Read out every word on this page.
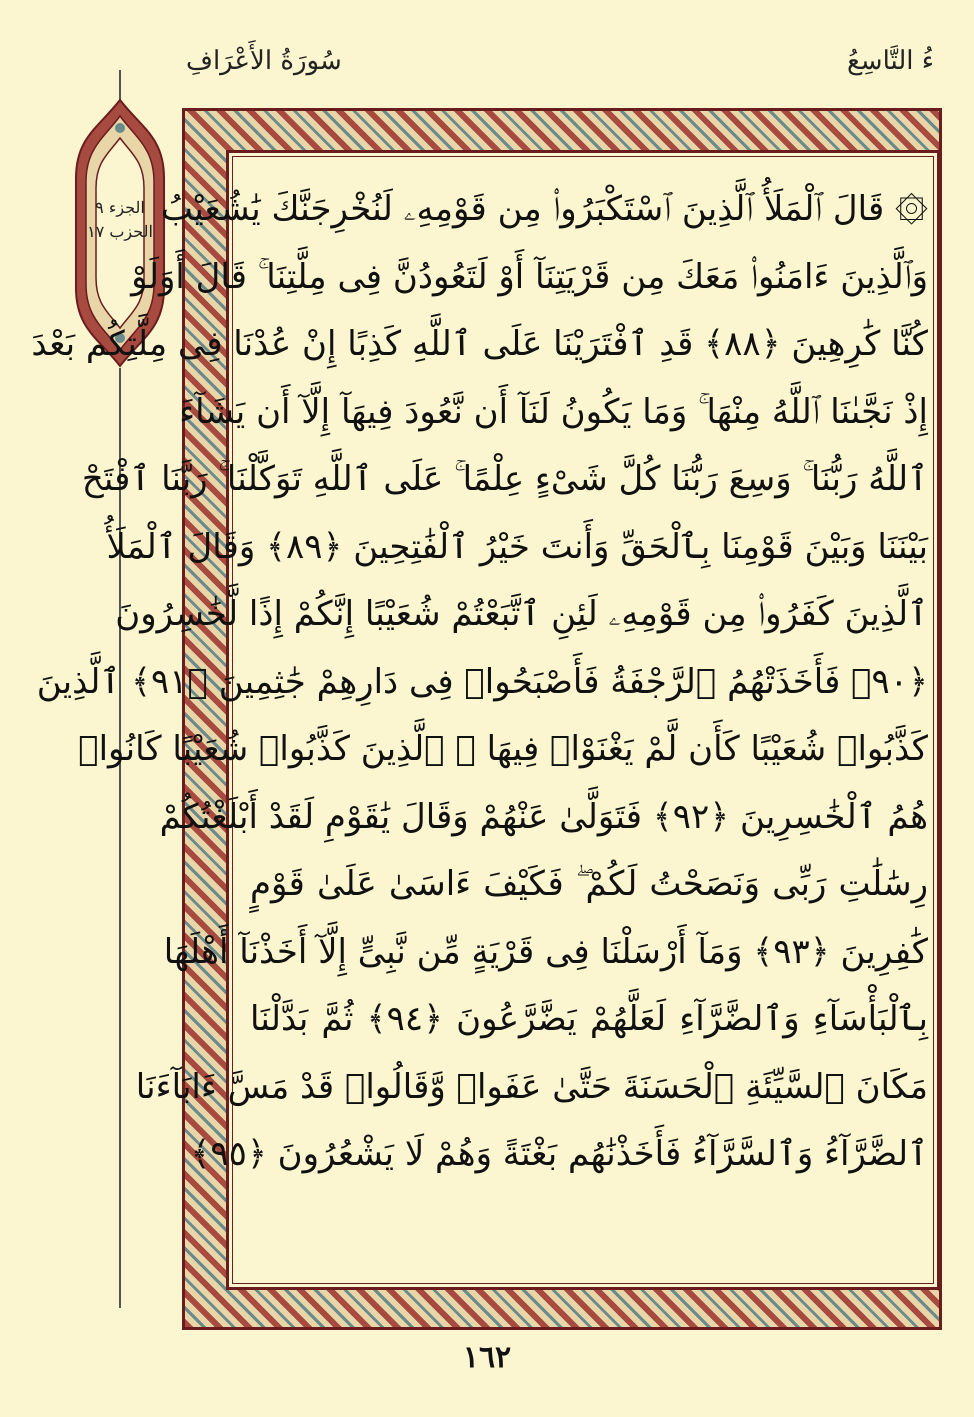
ءُ التَّاسِعُ
سُورَةُ الأَعْرَافِ
الجزء ٩
الحزب ١٧
۞ قَالَ ٱلْمَلَأُ ٱلَّذِينَ ٱسْتَكْبَرُوا۟ مِن قَوْمِهِۦ لَنُخْرِجَنَّكَ يَٰشُعَيْبُ
وَٱلَّذِينَ ءَامَنُوا۟ مَعَكَ مِن قَرْيَتِنَآ أَوْ لَتَعُودُنَّ فِى مِلَّتِنَا ۚ قَالَ أَوَلَوْ
كُنَّا كَٰرِهِينَ ﴿٨٨﴾ قَدِ ٱفْتَرَيْنَا عَلَى ٱللَّهِ كَذِبًا إِنْ عُدْنَا فِى مِلَّتِكُم بَعْدَ
إِذْ نَجَّىٰنَا ٱللَّهُ مِنْهَا ۚ وَمَا يَكُونُ لَنَآ أَن نَّعُودَ فِيهَآ إِلَّآ أَن يَشَآءَ
ٱللَّهُ رَبُّنَا ۚ وَسِعَ رَبُّنَا كُلَّ شَىْءٍ عِلْمًا ۚ عَلَى ٱللَّهِ تَوَكَّلْنَا ۚ رَبَّنَا ٱفْتَحْ
بَيْنَنَا وَبَيْنَ قَوْمِنَا بِٱلْحَقِّ وَأَنتَ خَيْرُ ٱلْفَٰتِحِينَ ﴿٨٩﴾ وَقَالَ ٱلْمَلَأُ
ٱلَّذِينَ كَفَرُوا۟ مِن قَوْمِهِۦ لَئِنِ ٱتَّبَعْتُمْ شُعَيْبًا إِنَّكُمْ إِذًا لَّخَٰسِرُونَ
﴿٩٠﴾ فَأَخَذَتْهُمُ ٱلرَّجْفَةُ فَأَصْبَحُوا۟ فِى دَارِهِمْ جَٰثِمِينَ ﴿٩١﴾ ٱلَّذِينَ
كَذَّبُوا۟ شُعَيْبًا كَأَن لَّمْ يَغْنَوْا۟ فِيهَا ۚ ٱلَّذِينَ كَذَّبُوا۟ شُعَيْبًا كَانُوا۟
هُمُ ٱلْخَٰسِرِينَ ﴿٩٢﴾ فَتَوَلَّىٰ عَنْهُمْ وَقَالَ يَٰقَوْمِ لَقَدْ أَبْلَغْتُكُمْ
رِسَٰلَٰتِ رَبِّى وَنَصَحْتُ لَكُمْ ۖ فَكَيْفَ ءَاسَىٰ عَلَىٰ قَوْمٍ
كَٰفِرِينَ ﴿٩٣﴾ وَمَآ أَرْسَلْنَا فِى قَرْيَةٍ مِّن نَّبِىٍّ إِلَّآ أَخَذْنَآ أَهْلَهَا
بِٱلْبَأْسَآءِ وَٱلضَّرَّآءِ لَعَلَّهُمْ يَضَّرَّعُونَ ﴿٩٤﴾ ثُمَّ بَدَّلْنَا
مَكَانَ ٱلسَّيِّئَةِ ٱلْحَسَنَةَ حَتَّىٰ عَفَوا۟ وَّقَالُوا۟ قَدْ مَسَّ ءَابَآءَنَا
ٱلضَّرَّآءُ وَٱلسَّرَّآءُ فَأَخَذْنَٰهُم بَغْتَةً وَهُمْ لَا يَشْعُرُونَ ﴿٩٥﴾
١٦٢
